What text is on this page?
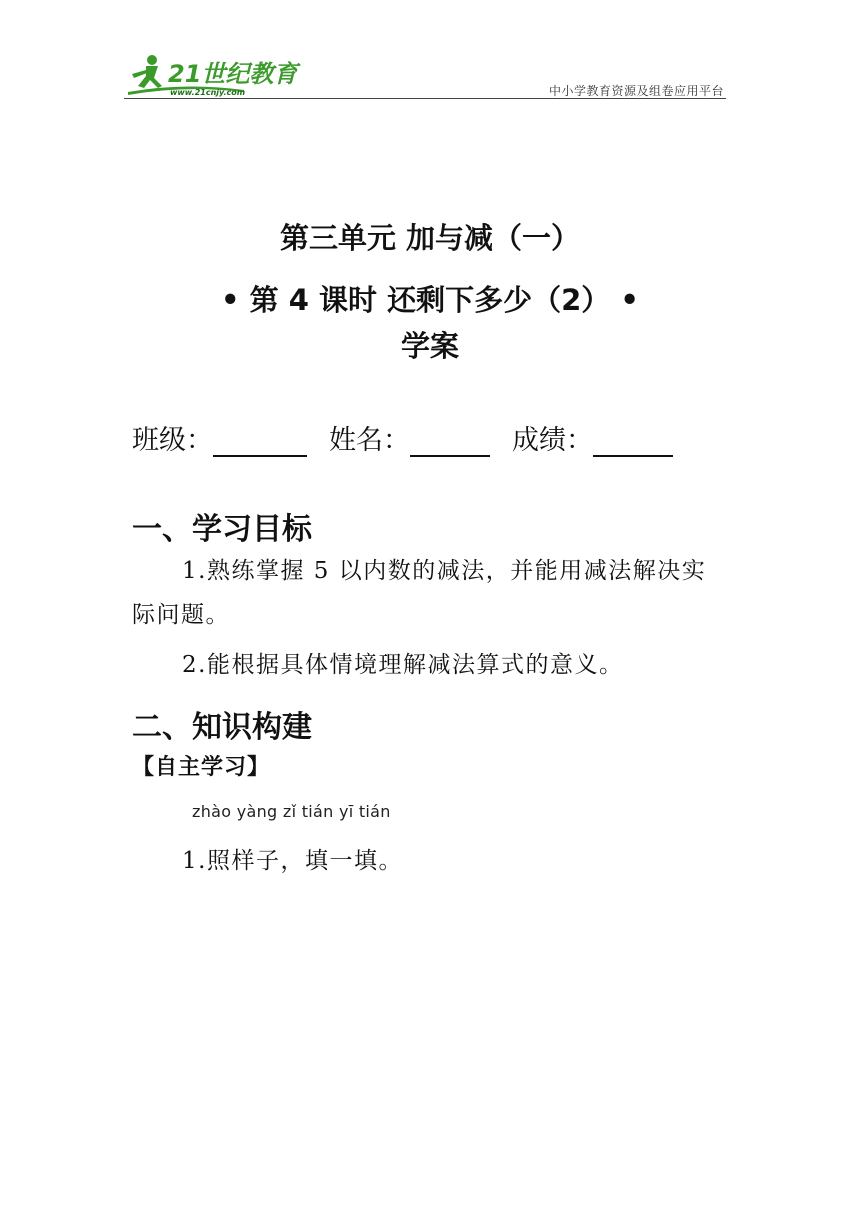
21世纪教育
www.21cnjy.com	中小学教育资源及组卷应用平台
第三单元 加与减（一）
• 第 4 课时 还剩下多少（2） •
学案
班级：	姓名：	成绩：
一、学习目标
1.熟练掌握 5 以内数的减法，并能用减法解决实
际问题。
2.能根据具体情境理解减法算式的意义。
二、知识构建
【自主学习】
zhào yàng zǐ tián yī tián
1.照样子，填一填。
